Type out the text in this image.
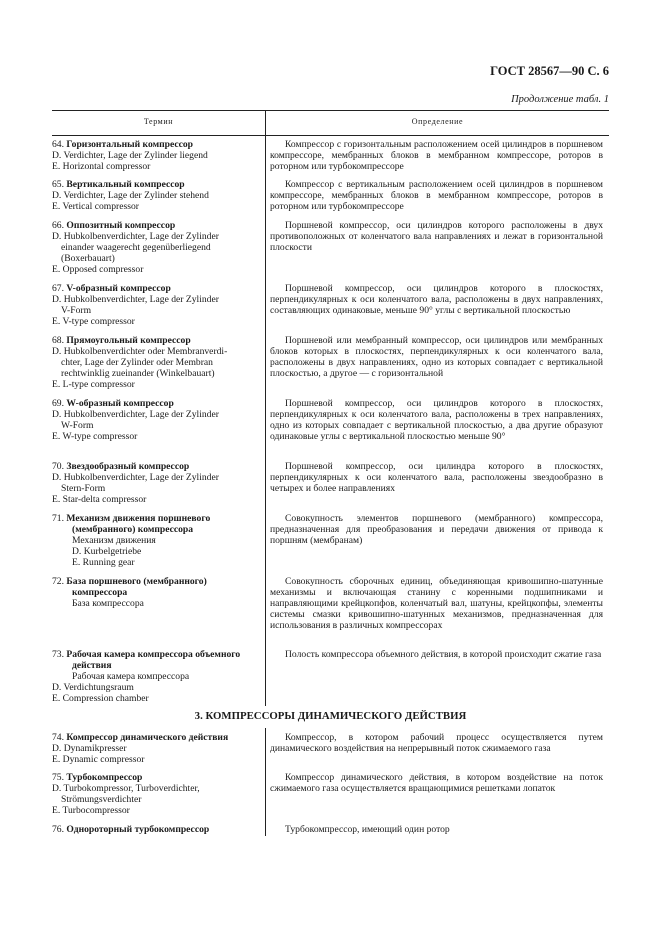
ГОСТ 28567—90 С. 6
Продолжение табл. 1
Термин	Определение
64. Горизонтальный компрессор
D. Verdichter, Lage der Zylinder liegend
E. Horizontal compressor
Компрессор с горизонтальным расположением осей цилиндров в поршневом компрессоре, мембранных блоков в мембранном компрессоре, роторов в роторном или турбокомпрессоре
65. Вертикальный компрессор
D. Verdichter, Lage der Zylinder stehend
E. Vertical compressor
Компрессор с вертикальным расположением осей цилиндров в поршневом компрессоре, мембранных блоков в мембранном компрессоре, роторов в роторном или турбокомпрессоре
66. Оппозитный компрессор
D. Hubkolbenverdichter, Lage der Zylinder
einander waagerecht gegenüberliegend
(Boxerbauart)
E. Opposed compressor
Поршневой компрессор, оси цилиндров которого расположены в двух противоположных от коленчатого вала направлениях и лежат в горизонтальной плоскости
67. V-образный компрессор
D. Hubkolbenverdichter, Lage der Zylinder
V-Form
E. V-type compressor
Поршневой компрессор, оси цилиндров которого в плоскостях, перпендикулярных к оси коленчатого вала, расположены в двух направлениях, составляющих одинаковые, меньше 90° углы с вертикальной плоскостью
68. Прямоугольный компрессор
D. Hubkolbenverdichter oder Membranverdi-
chter, Lage der Zylinder oder Membran
rechtwinklig zueinander (Winkelbauart)
E. L-type compressor
Поршневой или мембранный компрессор, оси цилиндров или мембранных блоков которых в плоскостях, перпендикулярных к оси коленчатого вала, расположены в двух направлениях, одно из которых совпадает с вертикальной плоскостью, а другое — с горизонтальной
69. W-образный компрессор
D. Hubkolbenverdichter, Lage der Zylinder
W-Form
E. W-type compressor
Поршневой компрессор, оси цилиндров которого в плоскостях, перпендикулярных к оси коленчатого вала, расположены в трех направлениях, одно из которых совпадает с вертикальной плоскостью, а два другие образуют одинаковые углы с вертикальной плоскостью меньше 90°
70. Звездообразный компрессор
D. Hubkolbenverdichter, Lage der Zylinder
Stern-Form
E. Star-delta compressor
Поршневой компрессор, оси цилиндра которого в плоскостях, перпендикулярных к оси коленчатого вала, расположены звездообразно в четырех и более направлениях
71. Механизм движения поршневого
(мембранного) компрессора
Механизм движения
D. Kurbelgetriebe
E. Running gear
Совокупность элементов поршневого (мембранного) компрессора, предназначенная для преобразования и передачи движения от привода к поршням (мембранам)
72. База поршневого (мембранного)
компрессора
База компрессора
Совокупность сборочных единиц, объединяющая кривошипно-шатунные механизмы и включающая станину с коренными подшипниками и направляющими крейцкопфов, коленчатый вал, шатуны, крейцкопфы, элементы системы смазки кривошипно-шатунных механизмов, предназначенная для использования в различных компрессорах
73. Рабочая камера компрессора объемного
действия
Рабочая камера компрессора
D. Verdichtungsraum
E. Compression chamber
Полость компрессора объемного действия, в которой происходит сжатие газа
3. КОМПРЕССОРЫ ДИНАМИЧЕСКОГО ДЕЙСТВИЯ
74. Компрессор динамического действия
D. Dynamikpresser
E. Dynamic compressor
Компрессор, в котором рабочий процесс осуществляется путем динамического воздействия на непрерывный поток сжимаемого газа
75. Турбокомпрессор
D. Turbokompressor, Turboverdichter,
Strömungsverdichter
E. Turbocompressor
Компрессор динамического действия, в котором воздействие на поток сжимаемого газа осуществляется вращающимися решетками лопаток
76. Однороторный турбокомпрессор	Турбокомпрессор, имеющий один ротор
